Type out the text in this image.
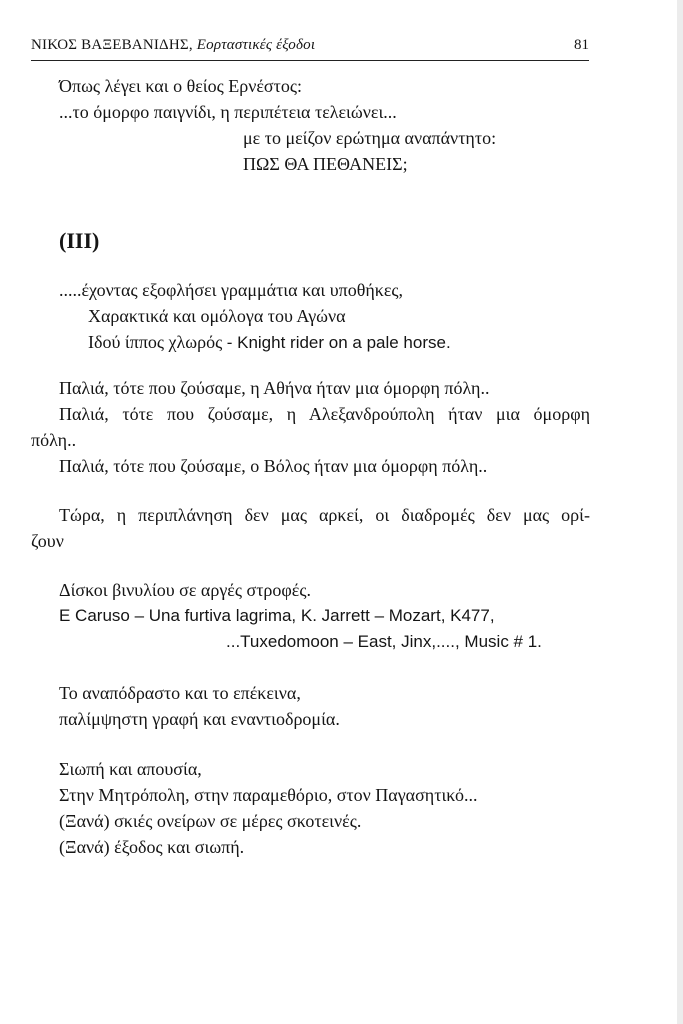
ΝΙΚΟΣ ΒΑΞΕΒΑΝΙΔΗΣ, Εορταστικές έξοδοι	81
Όπως λέγει και ο θείος Ερνέστος:
...το όμορφο παιγνίδι, η περιπέτεια τελειώνει...
με το μείζον ερώτημα αναπάντητο:
ΠΩΣ ΘΑ ΠΕΘΑΝΕΙΣ;
(III)
.....έχοντας εξοφλήσει γραμμάτια και υποθήκες,
Χαρακτικά και ομόλογα του Αγώνα
Ιδού ίππος χλωρός - Knight rider on a pale horse.
Παλιά, τότε που ζούσαμε, η Αθήνα ήταν μια όμορφη πόλη..
Παλιά, τότε που ζούσαμε, η Αλεξανδρούπολη ήταν μια όμορφη
πόλη..
Παλιά, τότε που ζούσαμε, ο Βόλος ήταν μια όμορφη πόλη..
Τώρα, η περιπλάνηση δεν μας αρκεί, οι διαδρομές δεν μας ορί-
ζουν
Δίσκοι βινυλίου σε αργές στροφές.
E Caruso – Una furtiva lagrima, K. Jarrett – Mozart, K477,
...Tuxedomoon – East, Jinx,...., Music # 1.
Το αναπόδραστο και το επέκεινα,
παλίμψηστη γραφή και εναντιοδρομία.
Σιωπή και απουσία,
Στην Μητρόπολη, στην παραμεθόριο, στον Παγασητικό...
(Ξανά) σκιές ονείρων σε μέρες σκοτεινές.
(Ξανά) έξοδος και σιωπή.
